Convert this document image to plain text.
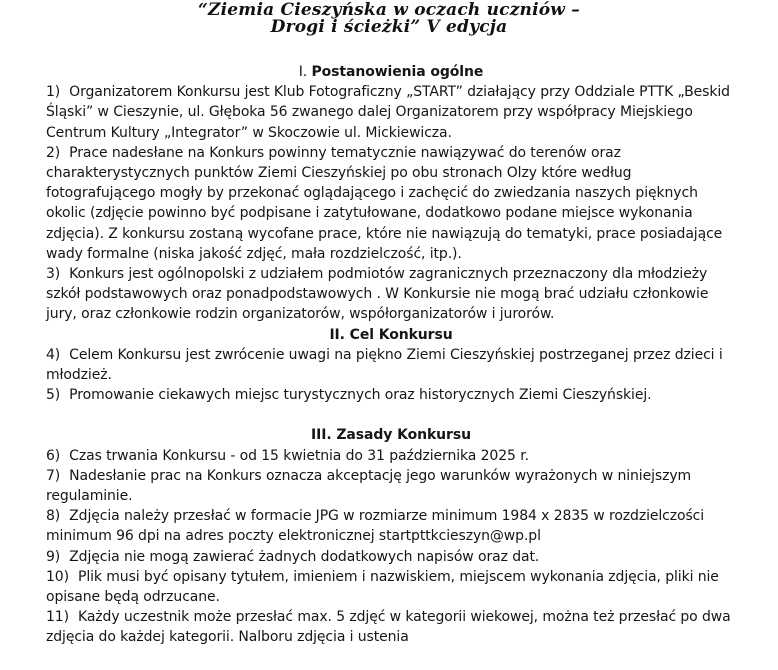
“Ziemia Cieszyńska w oczach uczniów –
Drogi i ścieżki” V edycja

I. Postanowienia ogólne

1) Organizatorem Konkursu jest Klub Fotograficzny „START” działający przy Oddziale PTTK „Beskid Śląski” w Cieszynie, ul. Głęboka 56 zwanego dalej Organizatorem przy współpracy Miejskiego Centrum Kultury „Integrator” w Skoczowie ul. Mickiewicza.

2) Prace nadesłane na Konkurs powinny tematycznie nawiązywać do terenów oraz charakterystycznych punktów Ziemi Cieszyńskiej po obu stronach Olzy które według fotografującego mogły by przekonać oglądającego i zachęcić do zwiedzania naszych pięknych okolic (zdjęcie powinno być podpisane i zatytułowane, dodatkowo podane miejsce wykonania zdjęcia). Z konkursu zostaną wycofane prace, które nie nawiązują do tematyki, prace posiadające wady formalne (niska jakość zdjęć, mała rozdzielczość, itp.).

3) Konkurs jest ogólnopolski z udziałem podmiotów zagranicznych przeznaczony dla młodzieży szkół podstawowych oraz ponadpodstawowych . W Konkursie nie mogą brać udziału członkowie jury, oraz członkowie rodzin organizatorów, współorganizatorów i jurorów.

II. Cel Konkursu

4) Celem Konkursu jest zwrócenie uwagi na piękno Ziemi Cieszyńskiej postrzeganej przez dzieci i młodzież.

5) Promowanie ciekawych miejsc turystycznych oraz historycznych Ziemi Cieszyńskiej.

III. Zasady Konkursu

6) Czas trwania Konkursu - od 15 kwietnia do 31 października 2025 r.

7) Nadesłanie prac na Konkurs oznacza akceptację jego warunków wyrażonych w niniejszym regulaminie.

8) Zdjęcia należy przesłać w formacie JPG w rozmiarze minimum 1984 x 2835 w rozdzielczości minimum 96 dpi na adres poczty elektronicznej startpttkcieszyn@wp.pl

9) Zdjęcia nie mogą zawierać żadnych dodatkowych napisów oraz dat.

10) Plik musi być opisany tytułem, imieniem i nazwiskiem, miejscem wykonania zdjęcia, pliki nie opisane będą odrzucane.

11) Każdy uczestnik może przesłać max. 5 zdjęć w kategorii wiekowej, można też przesłać po dwa zdjęcia do każdej kategorii. Nalboru zdjęcia i ustenia
